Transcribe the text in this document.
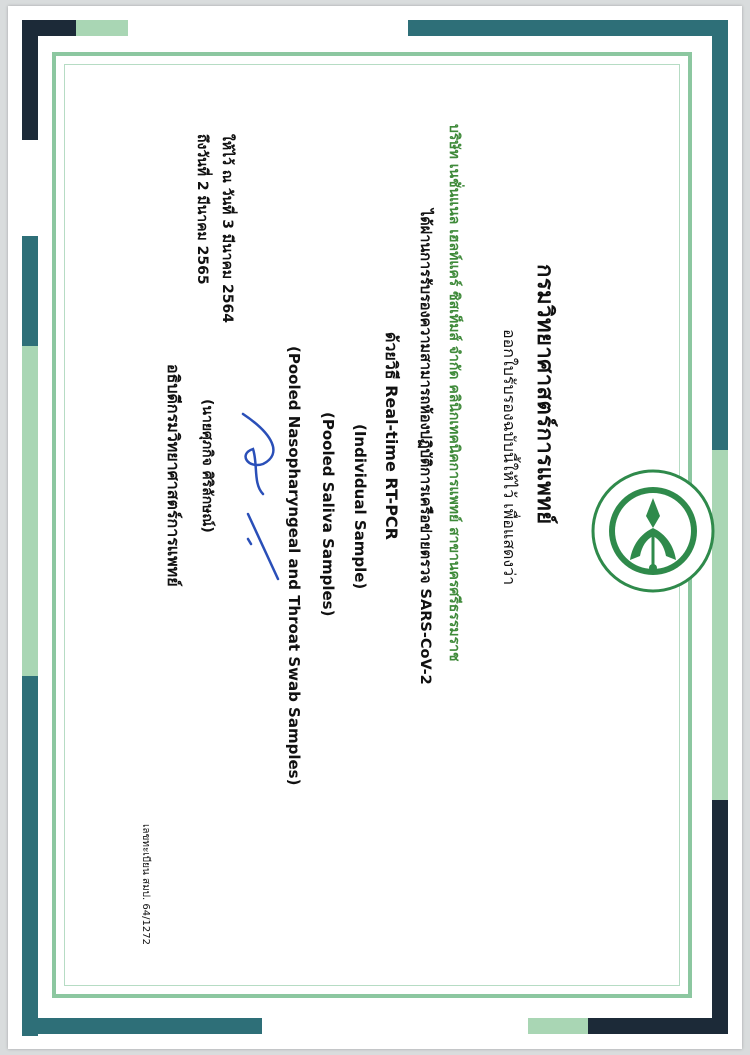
กรมวิทยาศาสตร์การแพทย์
ออกใบรับรองฉบับนี้ให้ไว้ เพื่อแสดงว่า
บริษัท เนชั่นแนล เฮลท์แคร์ ซิสเท็มส์ จำกัด คลินิกเทคนิคการแพทย์ สาขานครศรีธรรมราช
ได้ผ่านการรับรองความสามารถห้องปฏิบัติการเครือข่ายตรวจ SARS-CoV-2
ด้วยวิธี Real-time RT-PCR
(Individual Sample)
(Pooled Saliva Samples)
(Pooled Nasopharyngeal and Throat Swab Samples)
ให้ไว้ ณ วันที่ 3 มีนาคม 2564
ถึงวันที่ 2 มีนาคม 2565
(นายศุภกิจ ศิริลักษณ์)
อธิบดีกรมวิทยาศาสตร์การแพทย์
เลขทะเบียน สมป. 64/1272
